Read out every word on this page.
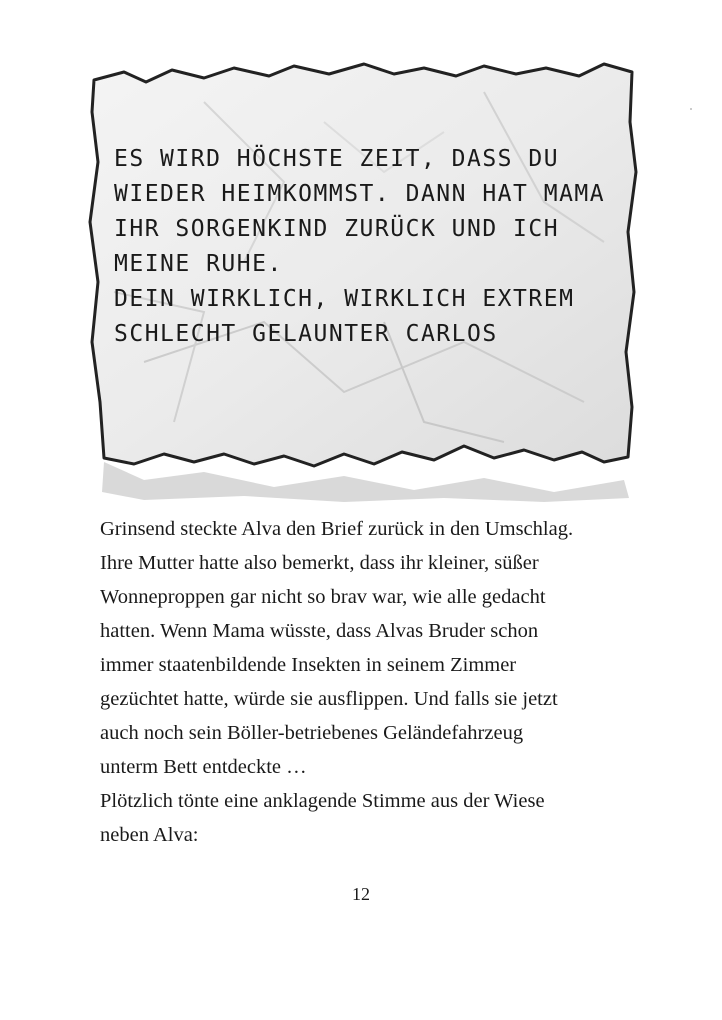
ES WIRD HÖCHSTE ZEIT, DASS DU
WIEDER HEIMKOMMST. DANN HAT MAMA
IHR SORGENKIND ZURÜCK UND ICH
MEINE RUHE.
DEIN WIRKLICH, WIRKLICH EXTREM
SCHLECHT GELAUNTER CARLOS
Grinsend steckte Alva den Brief zurück in den Umschlag.
Ihre Mutter hatte also bemerkt, dass ihr kleiner, süßer
Wonneproppen gar nicht so brav war, wie alle gedacht
hatten. Wenn Mama wüsste, dass Alvas Bruder schon
immer staatenbildende Insekten in seinem Zimmer
gezüchtet hatte, würde sie ausflippen. Und falls sie jetzt
auch noch sein Böller-betriebenes Geländefahrzeug
unterm Bett entdeckte …
Plötzlich tönte eine anklagende Stimme aus der Wiese
neben Alva:
12
